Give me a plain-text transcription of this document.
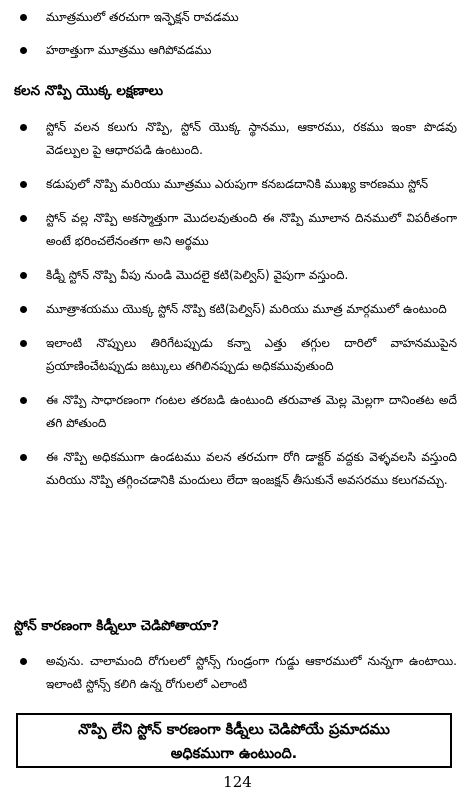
మూత్రములో తరచుగా ఇన్ఫెక్షన్ రావడము
హఠాత్తుగా మూత్రము ఆగిపోవడము
కలన నొప్పి యొక్క లక్షణాలు
స్టోన్ వలన కలుగు నొప్పి, స్టోన్ యొక్క స్థానము, ఆకారము, రకము ఇంకా పొడవు వెడల్పుల పై ఆధారపడి ఉంటుంది.
కడుపులో నొప్పి మరియు మూత్రము ఎరుపుగా కనబడదానికి ముఖ్య కారణము స్టోన్
స్టోన్ వల్ల నొప్పి అకస్మాత్తుగా మొదలవుతుంది ఈ నొప్పి మూలాన దినములో విపరీతంగా అంటే భరించలేనంతగా అని అర్థము
కిడ్నీ స్టోన్ నొప్పి వీపు నుండి మొదలై కటి(పెల్విస్) వైపుగా వస్తుంది.
మూత్రాశయము యొక్క స్టోన్ నొప్పి కటి(పెల్విస్) మరియు మూత్ర మార్గములో ఉంటుంది
ఇలాంటి నొప్పులు తిరిగేటప్పుడు కన్నా ఎత్తు తగ్గుల దారిలో వాహనముపైన ప్రయాణించేటప్పుడు జట్కులు తగిలినప్పుడు అధికమువుతుంది
ఈ నొప్పి సాధారణంగా గంటల తరబడి ఉంటుంది తరువాత మెల్ల మెల్లగా దానింతట అదే తగి పోతుంది
ఈ నొప్పి అధికముగా ఉండటము వలన తరచుగా రోగి డాక్టర్ వద్దకు వెళ్ళవలసి వస్తుంది మరియు నొప్పి తగ్గించడానికి మందులు లేదా ఇంజక్షన్ తీసుకునే అవసరము కలుగవచ్చు.
స్టోన్ కారణంగా కిడ్నీలూ చెడిపోతాయా?
అవును. చాలామంది రోగులలో స్టోన్స్ గుండ్రంగా గుడ్డు ఆకారములో నున్నగా ఉంటాయి. ఇలాంటి స్టోన్స్ కలిగి ఉన్న రోగులలో ఎలాంటి
నొప్పి లేని స్టోన్ కారణంగా కిడ్నీలు చెడిపోయే ప్రమాదము
అధికముగా ఉంటుంది.
124
